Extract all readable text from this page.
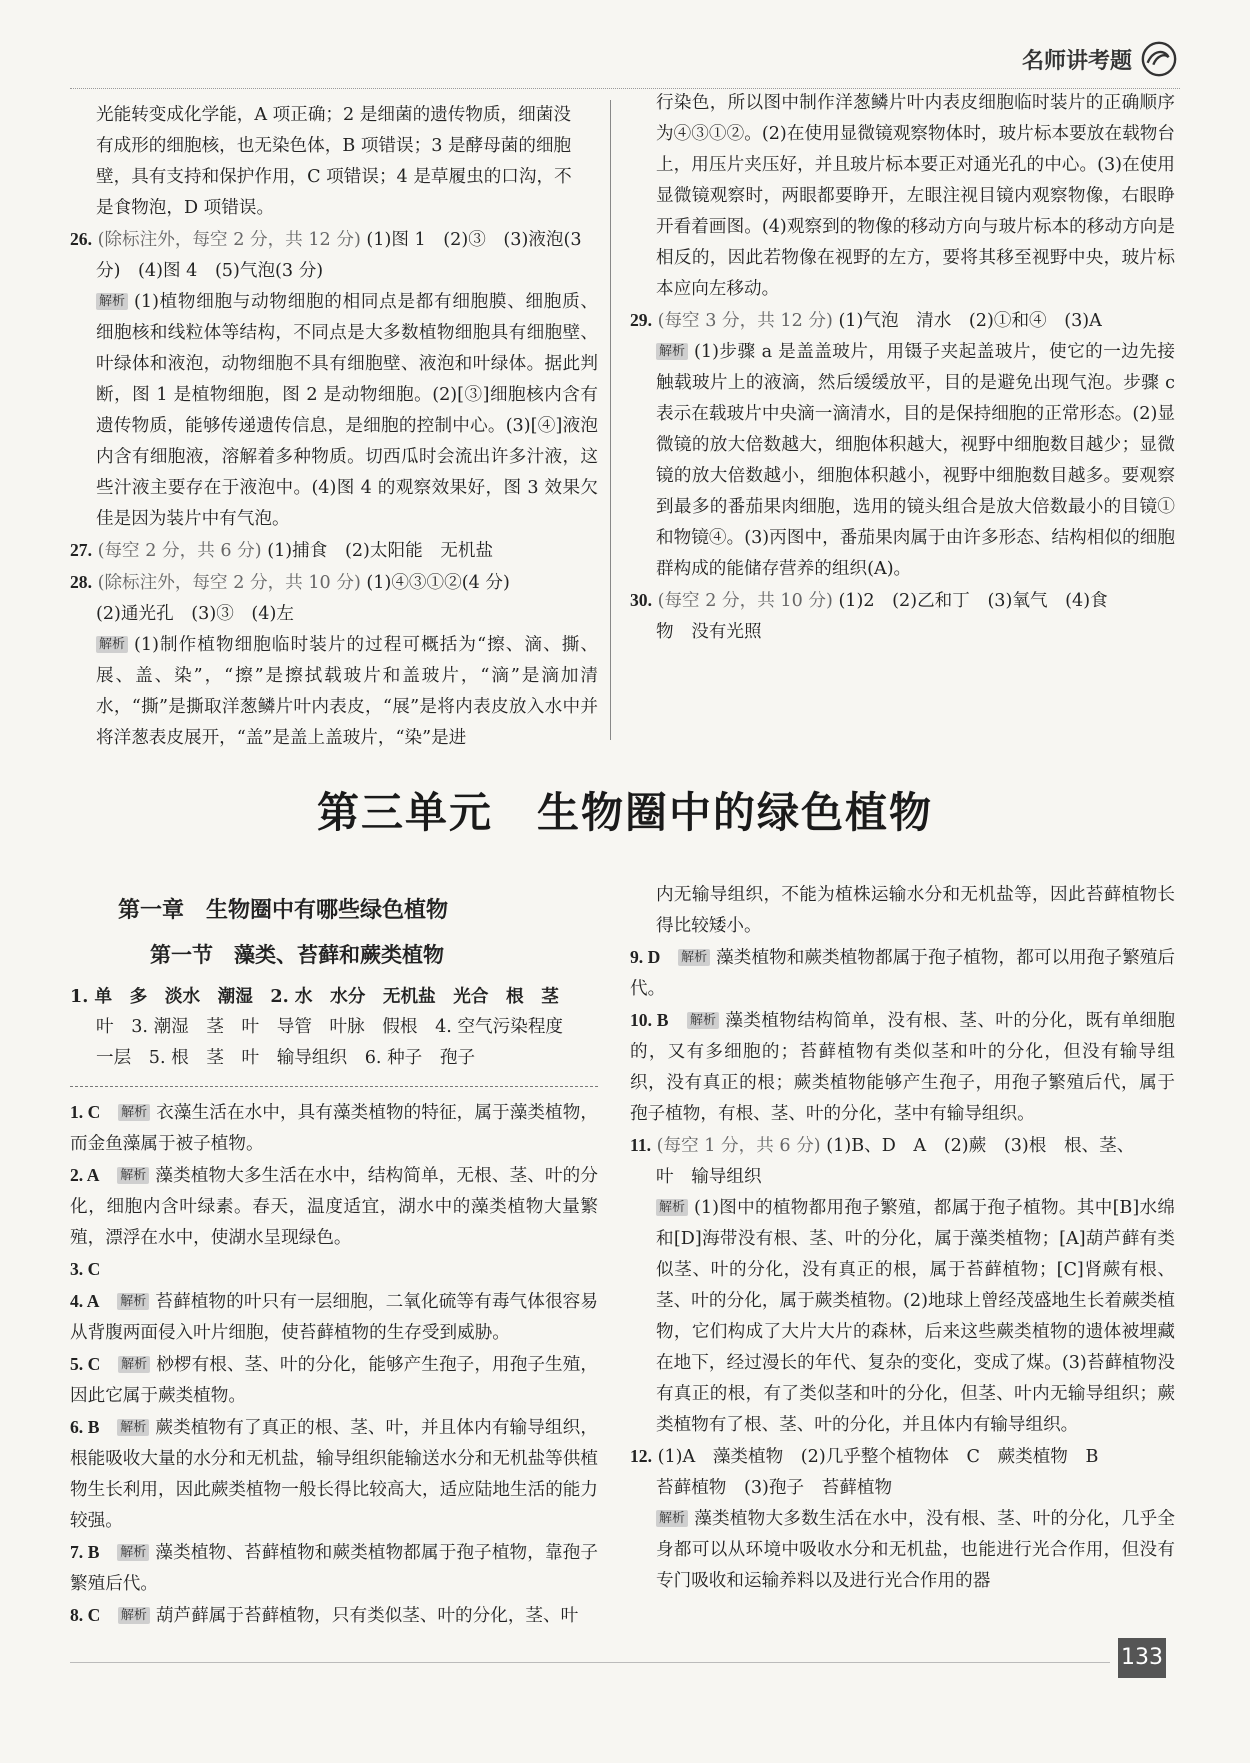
名师讲考题

光能转变成化学能，A 项正确；2 是细菌的遗传物质，细菌没

有成形的细胞核，也无染色体，B 项错误；3 是酵母菌的细胞

壁，具有支持和保护作用，C 项错误；4 是草履虫的口沟，不

是食物泡，D 项错误。

26. (除标注外，每空 2 分，共 12 分) (1)图 1　(2)③　(3)液泡(3

分)　(4)图 4　(5)气泡(3 分)

解析 (1)植物细胞与动物细胞的相同点是都有细胞膜、细胞质、细胞核和线粒体等结构，不同点是大多数植物细胞具有细胞壁、叶绿体和液泡，动物细胞不具有细胞壁、液泡和叶绿体。据此判断，图 1 是植物细胞，图 2 是动物细胞。(2)[③]细胞核内含有遗传物质，能够传递遗传信息，是细胞的控制中心。(3)[④]液泡内含有细胞液，溶解着多种物质。切西瓜时会流出许多汁液，这些汁液主要存在于液泡中。(4)图 4 的观察效果好，图 3 效果欠佳是因为装片中有气泡。

27. (每空 2 分，共 6 分) (1)捕食　(2)太阳能　无机盐

28. (除标注外，每空 2 分，共 10 分) (1)④③①②(4 分)

(2)通光孔　(3)③　(4)左

解析 (1)制作植物细胞临时装片的过程可概括为“擦、滴、撕、展、盖、染”，“擦”是擦拭载玻片和盖玻片，“滴”是滴加清水，“撕”是撕取洋葱鳞片叶内表皮，“展”是将内表皮放入水中并将洋葱表皮展开，“盖”是盖上盖玻片，“染”是进

行染色，所以图中制作洋葱鳞片叶内表皮细胞临时装片的正确顺序为④③①②。(2)在使用显微镜观察物体时，玻片标本要放在载物台上，用压片夹压好，并且玻片标本要正对通光孔的中心。(3)在使用显微镜观察时，两眼都要睁开，左眼注视目镜内观察物像，右眼睁开看着画图。(4)观察到的物像的移动方向与玻片标本的移动方向是相反的，因此若物像在视野的左方，要将其移至视野中央，玻片标本应向左移动。

29. (每空 3 分，共 12 分) (1)气泡　清水　(2)①和④　(3)A

解析 (1)步骤 a 是盖盖玻片，用镊子夹起盖玻片，使它的一边先接触载玻片上的液滴，然后缓缓放平，目的是避免出现气泡。步骤 c 表示在载玻片中央滴一滴清水，目的是保持细胞的正常形态。(2)显微镜的放大倍数越大，细胞体积越大，视野中细胞数目越少；显微镜的放大倍数越小，细胞体积越小，视野中细胞数目越多。要观察到最多的番茄果肉细胞，选用的镜头组合是放大倍数最小的目镜①和物镜④。(3)丙图中，番茄果肉属于由许多形态、结构相似的细胞群构成的能储存营养的组织(A)。

30. (每空 2 分，共 10 分) (1)2　(2)乙和丁　(3)氧气　(4)食

物　没有光照

第三单元　生物圈中的绿色植物
第一章　生物圈中有哪些绿色植物
第一节　藻类、苔藓和蕨类植物

1. 单　多　淡水　潮湿　2. 水　水分　无机盐　光合　根　茎

叶　3. 潮湿　茎　叶　导管　叶脉　假根　4. 空气污染程度

一层　5. 根　茎　叶　输导组织　6. 种子　孢子

1. C　 解析 衣藻生活在水中，具有藻类植物的特征，属于藻类植物，而金鱼藻属于被子植物。

2. A　 解析 藻类植物大多生活在水中，结构简单，无根、茎、叶的分化，细胞内含叶绿素。春天，温度适宜，湖水中的藻类植物大量繁殖，漂浮在水中，使湖水呈现绿色。

3. C

4. A　 解析 苔藓植物的叶只有一层细胞，二氧化硫等有毒气体很容易从背腹两面侵入叶片细胞，使苔藓植物的生存受到威胁。

5. C　 解析 桫椤有根、茎、叶的分化，能够产生孢子，用孢子生殖，因此它属于蕨类植物。

6. B　 解析 蕨类植物有了真正的根、茎、叶，并且体内有输导组织，根能吸收大量的水分和无机盐，输导组织能输送水分和无机盐等供植物生长利用，因此蕨类植物一般长得比较高大，适应陆地生活的能力较强。

7. B　 解析 藻类植物、苔藓植物和蕨类植物都属于孢子植物，靠孢子繁殖后代。

8. C　 解析 葫芦藓属于苔藓植物，只有类似茎、叶的分化，茎、叶

内无输导组织，不能为植株运输水分和无机盐等，因此苔藓植物长得比较矮小。

9. D　 解析 藻类植物和蕨类植物都属于孢子植物，都可以用孢子繁殖后代。

10. B　 解析 藻类植物结构简单，没有根、茎、叶的分化，既有单细胞的，又有多细胞的；苔藓植物有类似茎和叶的分化，但没有输导组织，没有真正的根；蕨类植物能够产生孢子，用孢子繁殖后代，属于孢子植物，有根、茎、叶的分化，茎中有输导组织。

11. (每空 1 分，共 6 分) (1)B、D　A　(2)蕨　(3)根　根、茎、

叶　输导组织

解析 (1)图中的植物都用孢子繁殖，都属于孢子植物。其中[B]水绵和[D]海带没有根、茎、叶的分化，属于藻类植物；[A]葫芦藓有类似茎、叶的分化，没有真正的根，属于苔藓植物；[C]肾蕨有根、茎、叶的分化，属于蕨类植物。(2)地球上曾经茂盛地生长着蕨类植物，它们构成了大片大片的森林，后来这些蕨类植物的遗体被埋藏在地下，经过漫长的年代、复杂的变化，变成了煤。(3)苔藓植物没有真正的根，有了类似茎和叶的分化，但茎、叶内无输导组织；蕨类植物有了根、茎、叶的分化，并且体内有输导组织。

12. (1)A　藻类植物　(2)几乎整个植物体　C　蕨类植物　B

苔藓植物　(3)孢子　苔藓植物

解析 藻类植物大多数生活在水中，没有根、茎、叶的分化，几乎全身都可以从环境中吸收水分和无机盐，也能进行光合作用，但没有专门吸收和运输养料以及进行光合作用的器

133
